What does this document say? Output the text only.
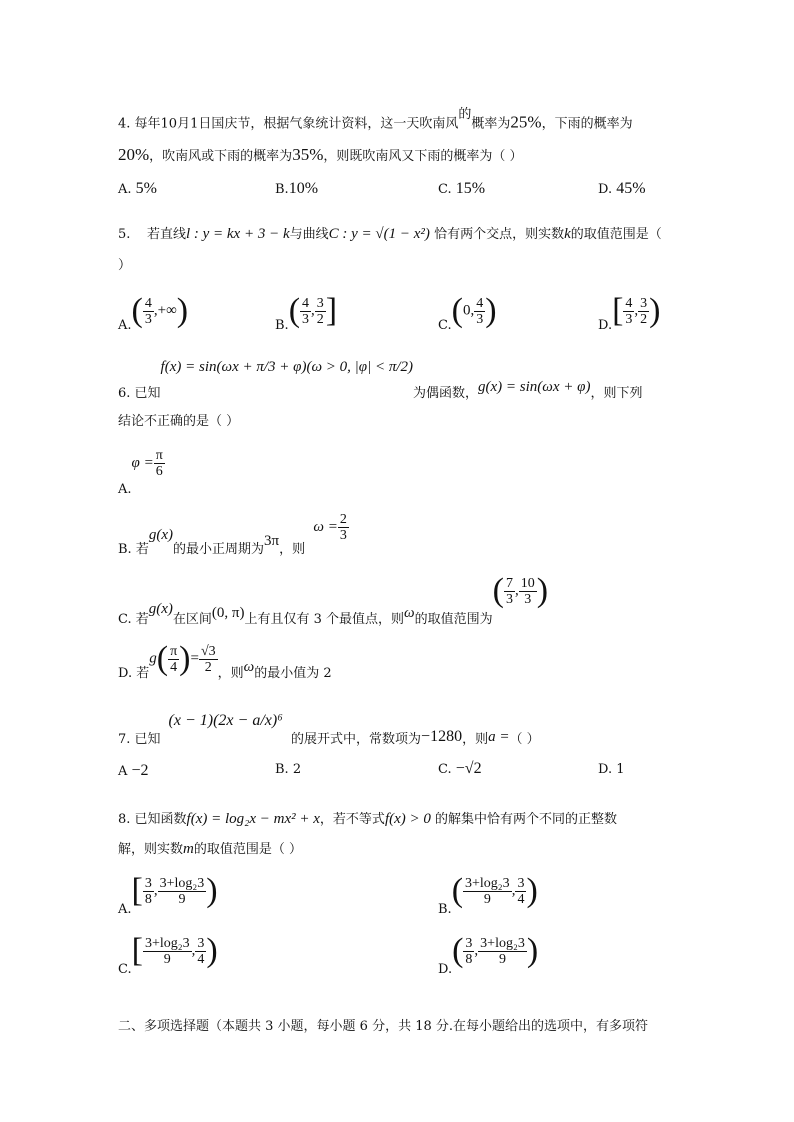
4. 每年10月1日国庆节，根据气象统计资料，这一天吹南风$^的$概率为25%，下雨的概率为
20%，吹南风或下雨的概率为35%，则既吹南风又下雨的概率为（ ）
A. 5%	B.10%	C. 15%	D. 45%
5. 若直线l : y = kx + 3 − k与曲线C : y = √(1 − x²) 恰有两个交点，则实数k的取值范围是（
）
$A.( \frac{4}{3}$ ,+∞)	$B.( \frac{4}{3}$ , $\frac{3}{2}$ ]	C.(0, $\frac{4}{3}$ )	$D.[ \frac{4}{3}$ , $\frac{3}{2}$ )
6. 已知f(x) = sin(ωx + π/3 + φ)(ω > 0, |φ| < π/2)为偶函数，g(x) = sin(ωx + φ)，则下列
结论不正确的是（ ）
$A.\varphi = \frac{\pi}{6}$
B. 若g(x)的最小正周期为3π，则  $\omega = \frac{2}{3}$
C. 若g(x)在区间(0, π)上有且仅有 3 个最值点，则ω的取值范围为( $\frac{7}{3}$ , $\frac{10}{3}$ )
D. 若$g( \frac{\pi}{4}$ )= $\frac{√3}{2}$ ，则ω的最小值为 2
7. 已知(x − 1)(2x − a/x)⁶  的展开式中，常数项为−1280，则a =（ ）
A −2	B. 2	C. −√2	D. 1
8. 已知函数f(x) = log₂x − mx² + x，若不等式f(x) > 0 的解集中恰有两个不同的正整数
解，则实数m的取值范围是（ ）
$A.[ \frac{3}{8}$ , $\frac{\text{3+log₂3}}{9}$ )	$B.( \frac{\text{3+log₂3}}{9}$ , $\frac{3}{4}$ )
$C.[ \frac{\text{3+log₂3}}{9}$ , $\frac{3}{4}$ )	$D.( \frac{3}{8}$ , $\frac{\text{3+log₂3}}{9}$ )
二、多项选择题（本题共 3 小题，每小题 6 分，共 18 分.在每小题给出的选项中，有多项符
